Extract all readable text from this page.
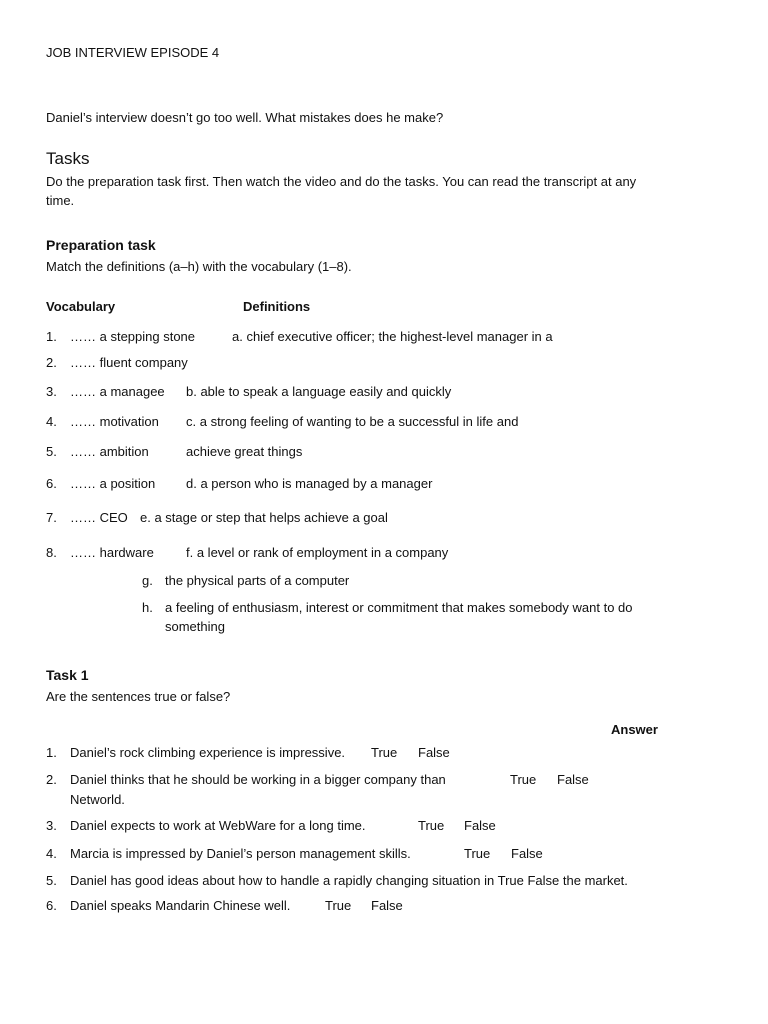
JOB INTERVIEW EPISODE 4
Daniel’s interview doesn’t go too well. What mistakes does he make?
Tasks
Do the preparation task first. Then watch the video and do the tasks. You can read the transcript at any
time.
Preparation task
Match the definitions (a–h) with the vocabulary (1–8).
Vocabulary	Definitions
1. …… a stepping stone	a. chief executive officer; the highest-level manager in a
2. …… fluent company
3. …… a managee b. able to speak a language easily and quickly
4. …… motivation c. a strong feeling of wanting to be a successful in life and
5. …… ambition	achieve great things
6. …… a position d. a person who is managed by a manager
7. …… CEO e. a stage or step that helps achieve a goal
8. …… hardware f. a level or rank of employment in a company
g. the physical parts of a computer
h. a feeling of enthusiasm, interest or commitment that makes somebody want to do
something
Task 1
Are the sentences true or false?
Answer
1. Daniel’s rock climbing experience is impressive. True False
2. Daniel thinks that he should be working in a bigger company than	True False
Networld.
3. Daniel expects to work at WebWare for a long time.	True False
4. Marcia is impressed by Daniel’s person management skills.	True False
5. Daniel has good ideas about how to handle a rapidly changing situation in True False the market.
6. Daniel speaks Mandarin Chinese well.	True False
